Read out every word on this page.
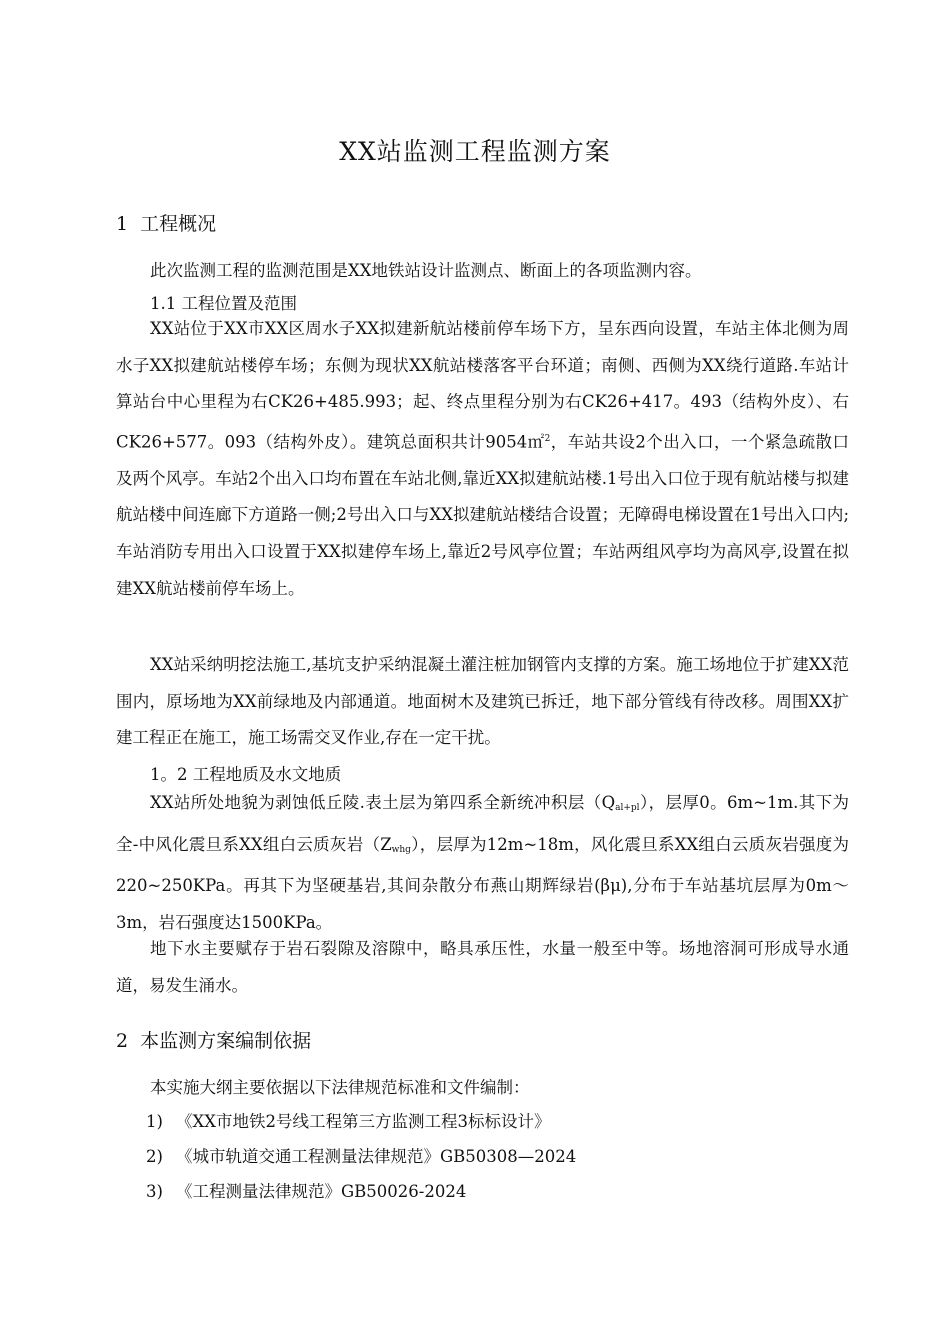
XX站监测工程监测方案
1 工程概况

此次监测工程的监测范围是XX地铁站设计监测点、断面上的各项监测内容。

1.1 工程位置及范围

XX站位于XX市XX区周水子XX拟建新航站楼前停车场下方，呈东西向设置，车站主体北侧为周水子XX拟建航站楼停车场；东侧为现状XX航站楼落客平台环道；南侧、西侧为XX绕行道路.车站计算站台中心里程为右CK26+485.993；起、终点里程分别为右CK26+417。493（结构外皮）、右CK26+577。093（结构外皮）。建筑总面积共计9054㎡$^2$，车站共设2个出入口，一个紧急疏散口及两个风亭。车站2个出入口均布置在车站北侧,靠近XX拟建航站楼.1号出入口位于现有航站楼与拟建航站楼中间连廊下方道路一侧;2号出入口与XX拟建航站楼结合设置；无障碍电梯设置在1号出入口内;车站消防专用出入口设置于XX拟建停车场上,靠近2号风亭位置；车站两组风亭均为高风亭,设置在拟建XX航站楼前停车场上。

XX站采纳明挖法施工,基坑支护采纳混凝土灌注桩加钢管内支撑的方案。施工场地位于扩建XX范围内，原场地为XX前绿地及内部通道。地面树木及建筑已拆迁，地下部分管线有待改移。周围XX扩建工程正在施工，施工场需交叉作业,存在一定干扰。

1。2 工程地质及水文地质

XX站所处地貌为剥蚀低丘陵.表土层为第四系全新统冲积层$(Q_{al+pl})$，层厚0。6m~1m.其下为全-中风化震旦系XX组白云质灰岩$(Z_{whg})$，层厚为12m~18m，风化震旦系XX组白云质灰岩强度为220~250KPa。再其下为坚硬基岩,其间杂散分布燕山期辉绿岩(βμ),分布于车站基坑层厚为0m～3m，岩石强度达1500KPa。

地下水主要赋存于岩石裂隙及溶隙中，略具承压性，水量一般至中等。场地溶洞可形成导水通道，易发生涌水。

2 本监测方案编制依据

本实施大纲主要依据以下法律规范标准和文件编制：

1) 《XX市地铁2号线工程第三方监测工程3标标设计》

2) 《城市轨道交通工程测量法律规范》GB50308—2024

3) 《工程测量法律规范》GB50026-2024
